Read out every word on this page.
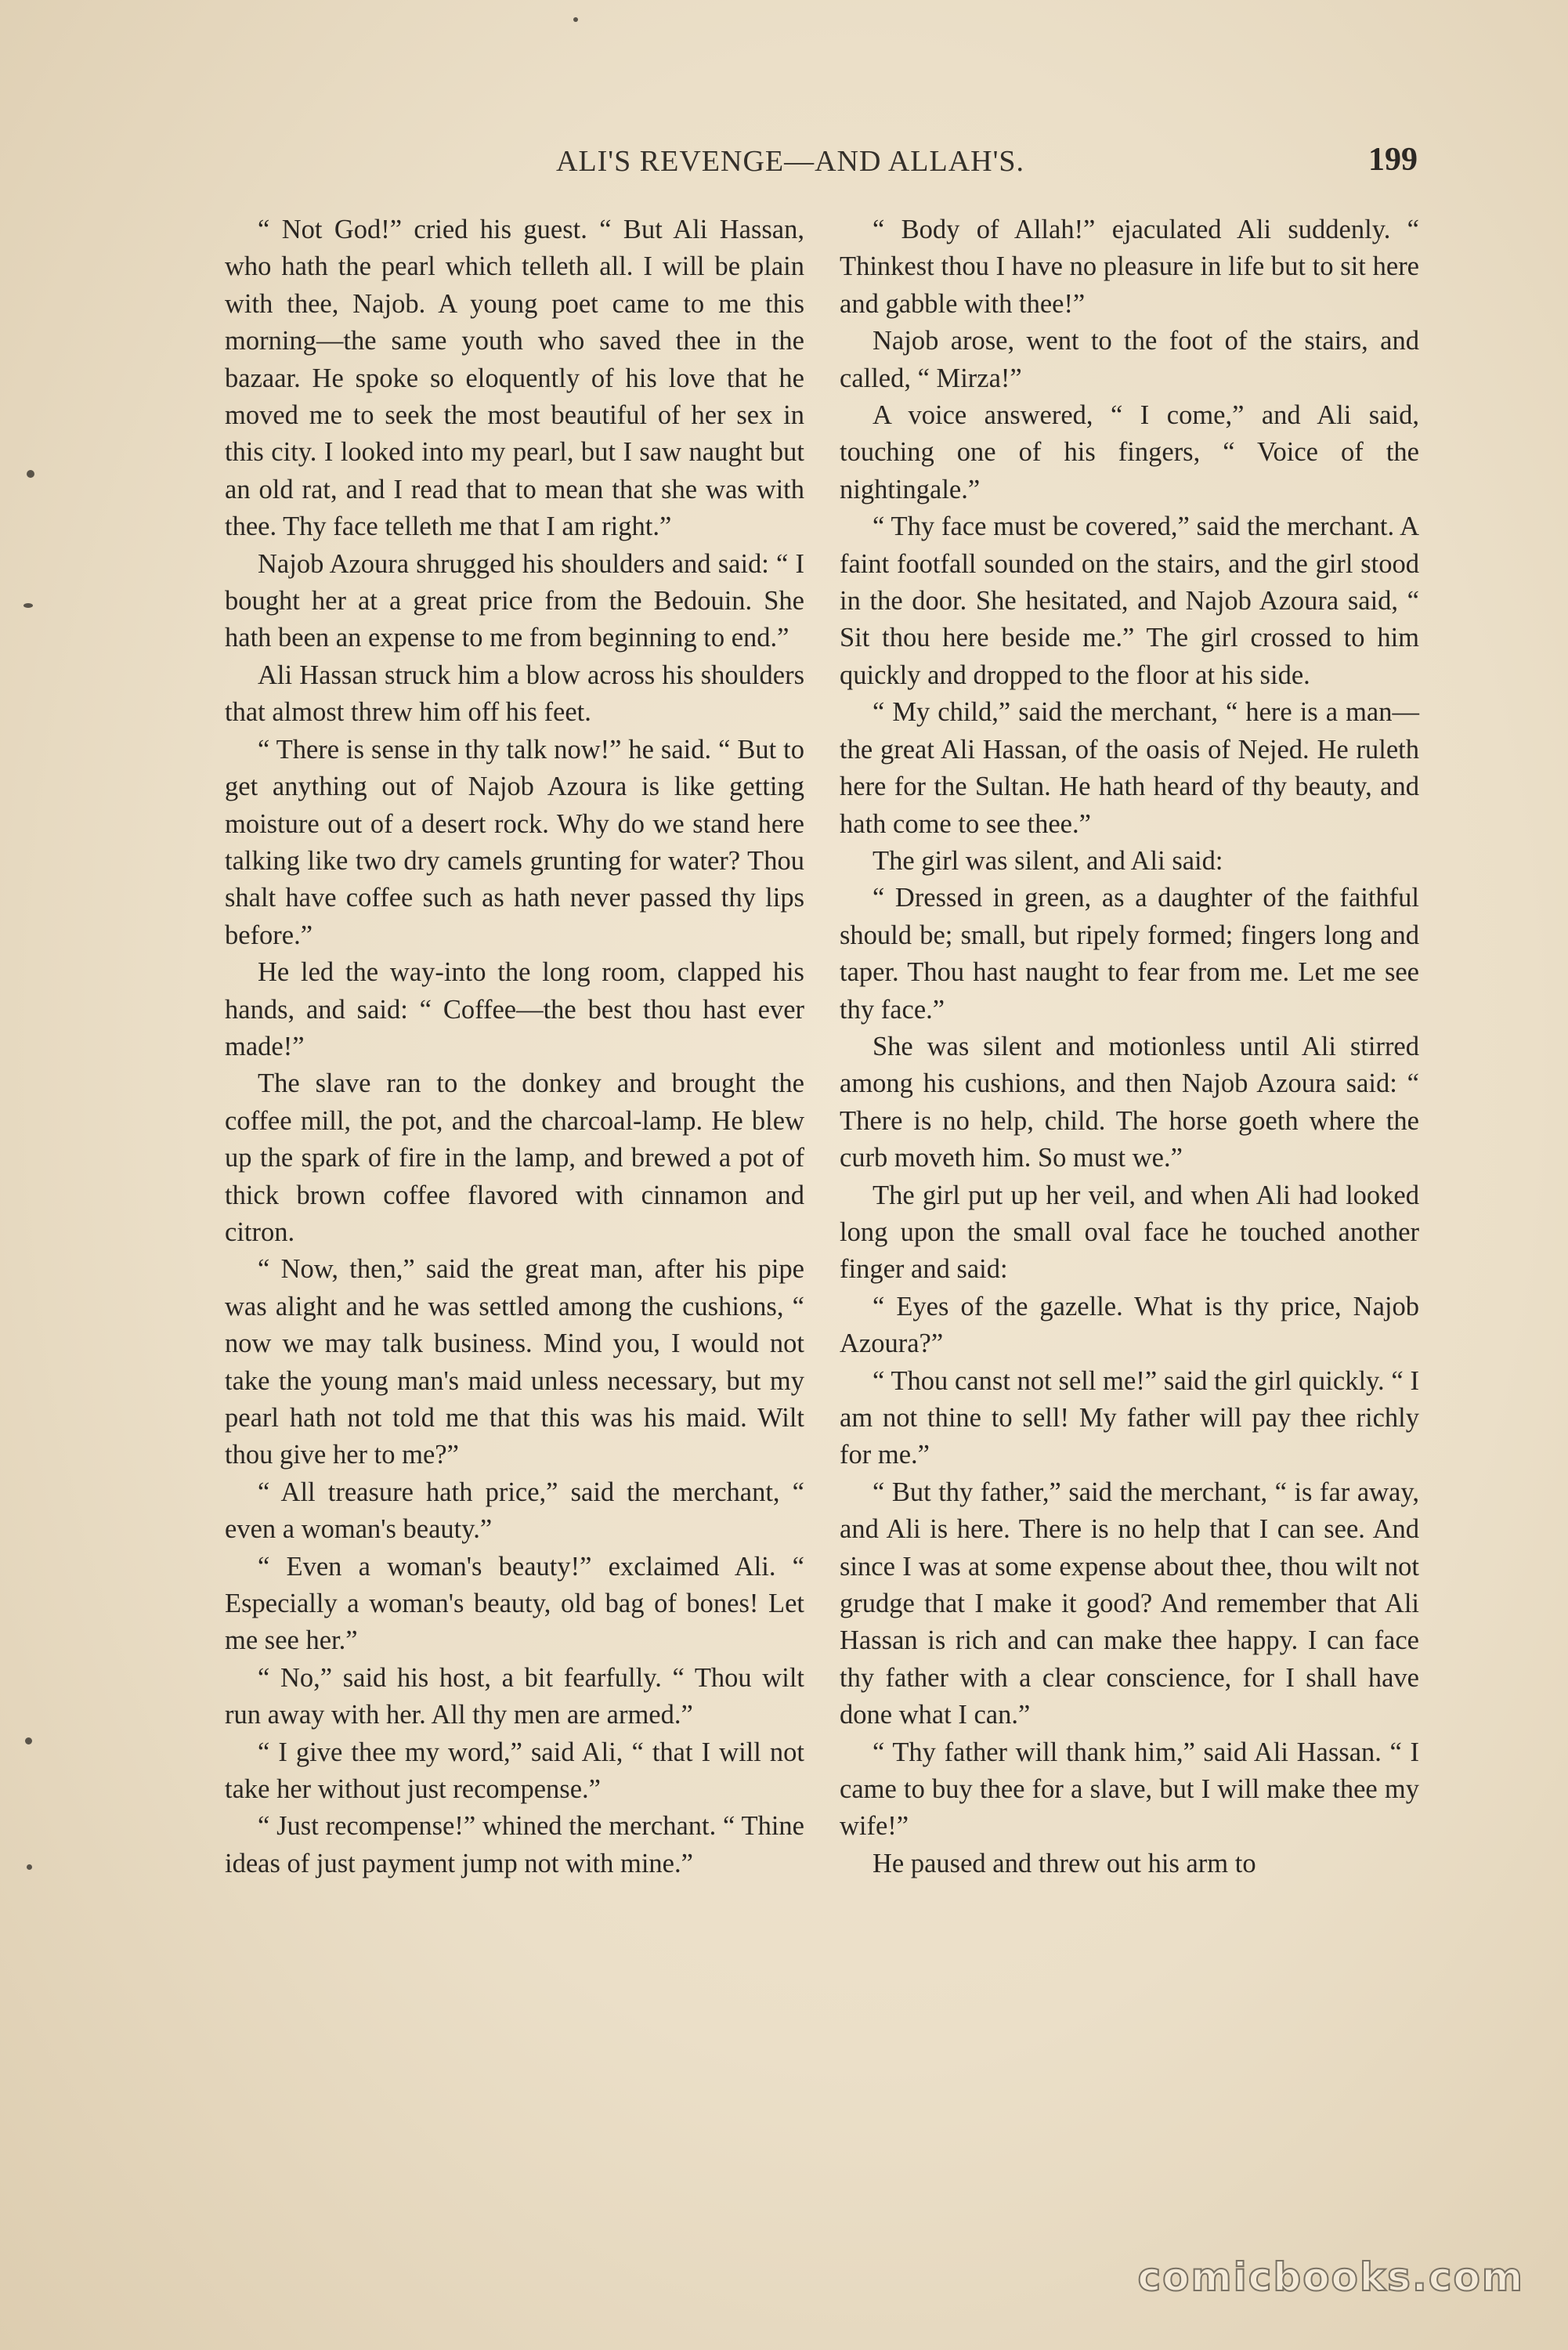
ALI'S REVENGE—AND ALLAH'S.	199

“ Not God!” cried his guest. “ But Ali Hassan, who hath the pearl which telleth all. I will be plain with thee, Najob. A young poet came to me this morning—the same youth who saved thee in the bazaar. He spoke so eloquently of his love that he moved me to seek the most beautiful of her sex in this city. I looked into my pearl, but I saw naught but an old rat, and I read that to mean that she was with thee. Thy face telleth me that I am right.”

Najob Azoura shrugged his shoulders and said: “ I bought her at a great price from the Bedouin. She hath been an expense to me from beginning to end.”

Ali Hassan struck him a blow across his shoulders that almost threw him off his feet.

“ There is sense in thy talk now!” he said. “ But to get anything out of Najob Azoura is like getting moisture out of a desert rock. Why do we stand here talking like two dry camels grunting for water? Thou shalt have coffee such as hath never passed thy lips before.”

He led the way-into the long room, clapped his hands, and said: “ Coffee—the best thou hast ever made!”

The slave ran to the donkey and brought the coffee mill, the pot, and the charcoal-lamp. He blew up the spark of fire in the lamp, and brewed a pot of thick brown coffee flavored with cinnamon and citron.

“ Now, then,” said the great man, after his pipe was alight and he was settled among the cushions, “ now we may talk business. Mind you, I would not take the young man's maid unless necessary, but my pearl hath not told me that this was his maid. Wilt thou give her to me?”

“ All treasure hath price,” said the merchant, “ even a woman's beauty.”

“ Even a woman's beauty!” exclaimed Ali. “ Especially a woman's beauty, old bag of bones! Let me see her.”

“ No,” said his host, a bit fearfully. “ Thou wilt run away with her. All thy men are armed.”

“ I give thee my word,” said Ali, “ that I will not take her without just recompense.”

“ Just recompense!” whined the merchant. “ Thine ideas of just payment jump not with mine.”

“ Body of Allah!” ejaculated Ali suddenly. “ Thinkest thou I have no pleasure in life but to sit here and gabble with thee!”

Najob arose, went to the foot of the stairs, and called, “ Mirza!”

A voice answered, “ I come,” and Ali said, touching one of his fingers, “ Voice of the nightingale.”

“ Thy face must be covered,” said the merchant. A faint footfall sounded on the stairs, and the girl stood in the door. She hesitated, and Najob Azoura said, “ Sit thou here beside me.” The girl crossed to him quickly and dropped to the floor at his side.

“ My child,” said the merchant, “ here is a man—the great Ali Hassan, of the oasis of Nejed. He ruleth here for the Sultan. He hath heard of thy beauty, and hath come to see thee.”

The girl was silent, and Ali said:

“ Dressed in green, as a daughter of the faithful should be; small, but ripely formed; fingers long and taper. Thou hast naught to fear from me. Let me see thy face.”

She was silent and motionless until Ali stirred among his cushions, and then Najob Azoura said: “ There is no help, child. The horse goeth where the curb moveth him. So must we.”

The girl put up her veil, and when Ali had looked long upon the small oval face he touched another finger and said:

“ Eyes of the gazelle. What is thy price, Najob Azoura?”

“ Thou canst not sell me!” said the girl quickly. “ I am not thine to sell! My father will pay thee richly for me.”

“ But thy father,” said the merchant, “ is far away, and Ali is here. There is no help that I can see. And since I was at some expense about thee, thou wilt not grudge that I make it good? And remember that Ali Hassan is rich and can make thee happy. I can face thy father with a clear conscience, for I shall have done what I can.”

“ Thy father will thank him,” said Ali Hassan. “ I came to buy thee for a slave, but I will make thee my wife!”

He paused and threw out his arm to

comicbooks.com
